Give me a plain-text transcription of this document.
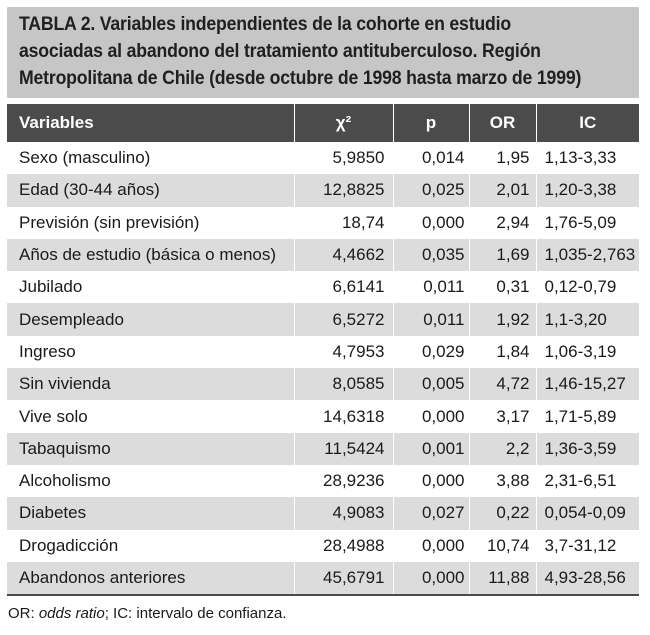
TABLA 2. Variables independientes de la cohorte en estudio asociadas al abandono del tratamiento antituberculoso. Región Metropolitana de Chile (desde octubre de 1998 hasta marzo de 1999)
Variables	χ²	p	OR	IC
Sexo (masculino)	5,9850	0,014	1,95	1,13-3,33
Edad (30-44 años)	12,8825	0,025	2,01	1,20-3,38
Previsión (sin previsión)	18,74	0,000	2,94	1,76-5,09
Años de estudio (básica o menos)	4,4662	0,035	1,69	1,035-2,763
Jubilado	6,6141	0,011	0,31	0,12-0,79
Desempleado	6,5272	0,011	1,92	1,1-3,20
Ingreso	4,7953	0,029	1,84	1,06-3,19
Sin vivienda	8,0585	0,005	4,72	1,46-15,27
Vive solo	14,6318	0,000	3,17	1,71-5,89
Tabaquismo	11,5424	0,001	2,2	1,36-3,59
Alcoholismo	28,9236	0,000	3,88	2,31-6,51
Diabetes	4,9083	0,027	0,22	0,054-0,09
Drogadicción	28,4988	0,000	10,74	3,7-31,12
Abandonos anteriores	45,6791	0,000	11,88	4,93-28,56
OR: odds ratio; IC: intervalo de confianza.
